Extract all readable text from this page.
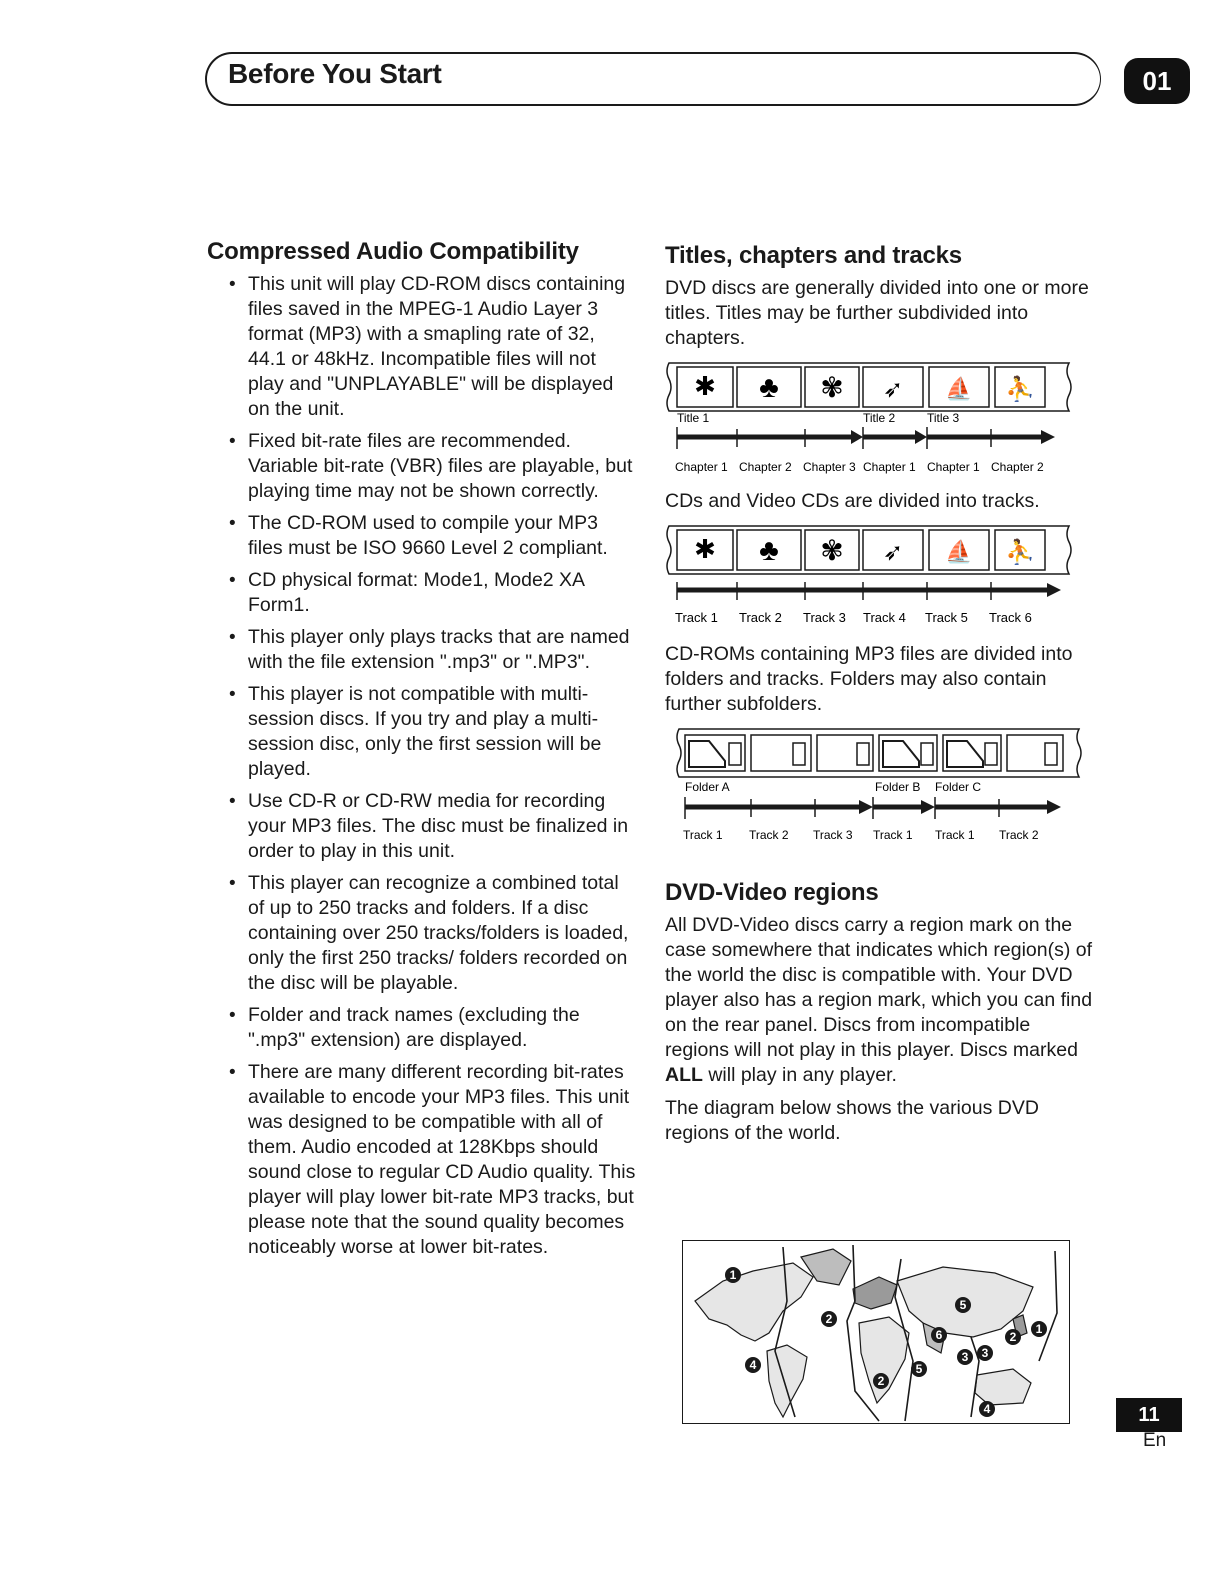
Before You Start	01
Compressed Audio Compatibility
• This unit will play CD-ROM discs containing files saved in the MPEG-1 Audio Layer 3 format (MP3) with a smapling rate of 32, 44.1 or 48kHz. Incompatible files will not play and "UNPLAYABLE" will be displayed on the unit.
• Fixed bit-rate files are recommended. Variable bit-rate (VBR) files are playable, but playing time may not be shown correctly.
• The CD-ROM used to compile your MP3 files must be ISO 9660 Level 2 compliant.
• CD physical format: Mode1, Mode2 XA Form1.
• This player only plays tracks that are named with the file extension ".mp3" or ".MP3".
• This player is not compatible with multi-session discs. If you try and play a multi-session disc, only the first session will be played.
• Use CD-R or CD-RW media for recording your MP3 files. The disc must be finalized in order to play in this unit.
• This player can recognize a combined total of up to 250 tracks and folders. If a disc containing over 250 tracks/folders is loaded, only the first 250 tracks/ folders recorded on the disc will be playable.
• Folder and track names (excluding the ".mp3" extension) are displayed.
• There are many different recording bit-rates available to encode your MP3 files. This unit was designed to be compatible with all of them. Audio encoded at 128Kbps should sound close to regular CD Audio quality. This player will play lower bit-rate MP3 tracks, but please note that the sound quality becomes noticeably worse at lower bit-rates.
Titles, chapters and tracks

DVD discs are generally divided into one or more titles. Titles may be further subdivided into chapters.

✱ ♣ ✾ ➶ ⛵ ⛹
Title 1	Title 2	Title 3
Chapter 1 Chapter 2 Chapter 3 Chapter 1 Chapter 1 Chapter 2

CDs and Video CDs are divided into tracks.

✱ ♣ ✾ ➶ ⛵ ⛹
Track 1 Track 2 Track 3 Track 4 Track 5 Track 6

CD-ROMs containing MP3 files are divided into folders and tracks. Folders may also contain further subfolders.

Folder A	Folder B Folder C
Track 1 Track 2 Track 3 Track 1 Track 1 Track 2
DVD-Video regions

All DVD-Video discs carry a region mark on the case somewhere that indicates which region(s) of the world the disc is compatible with. Your DVD player also has a region mark, which you can find on the rear panel. Discs from incompatible regions will not play in this player. Discs marked ALL will play in any player.

The diagram below shows the various DVD regions of the world.

1
2
3
4
5
6	1
2
2
3
4
4
5
11
En
